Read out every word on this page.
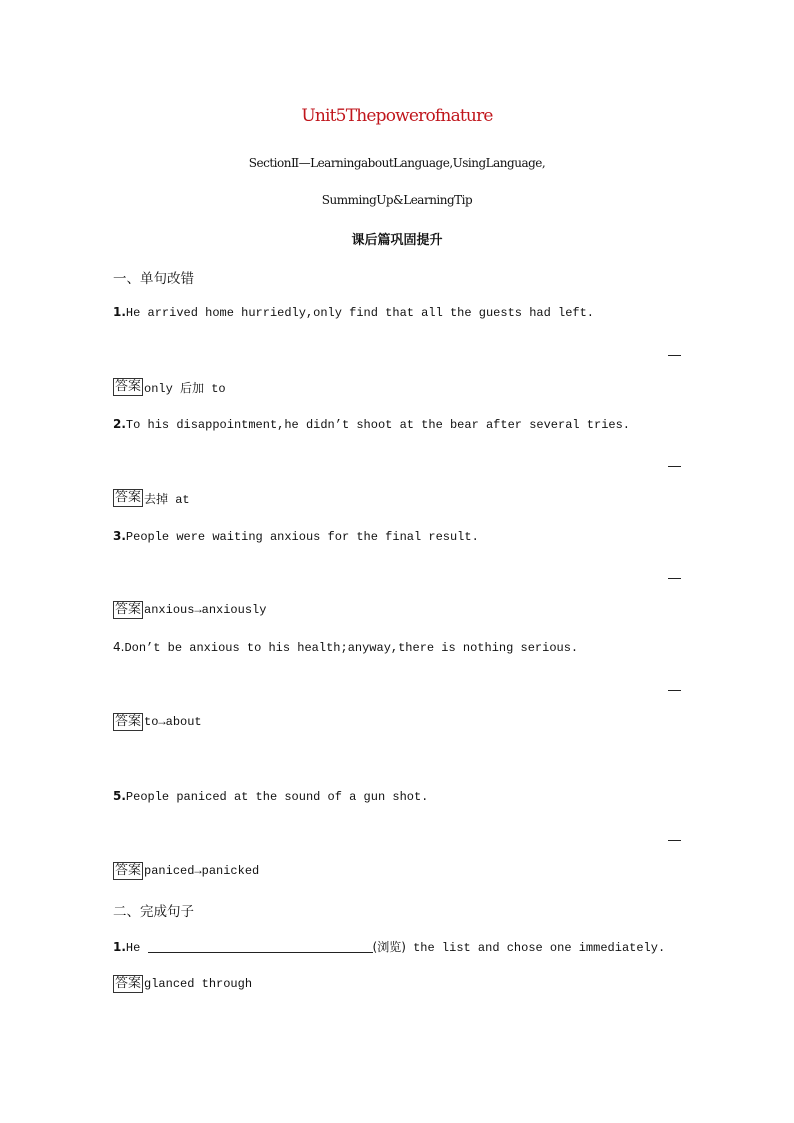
Unit5Thepowerofnature
SectionⅡ—LearningaboutLanguage,UsingLanguage,
SummingUp&LearningTip
课后篇巩固提升
一、单句改错
1.He arrived home hurriedly,only find that all the guests had left.
答案 only 后加 to
2.To his disappointment,he didn’t shoot at the bear after several tries.
答案 去掉 at
3.People were waiting anxious for the final result.
答案 anxious→anxiously
4.Don’t be anxious to his health;anyway,there is nothing serious.
答案 to→about
5.People paniced at the sound of a gun shot.
答案 paniced→panicked
二、完成句子
1.He	(浏览) the list and chose one immediately.
答案 glanced through
